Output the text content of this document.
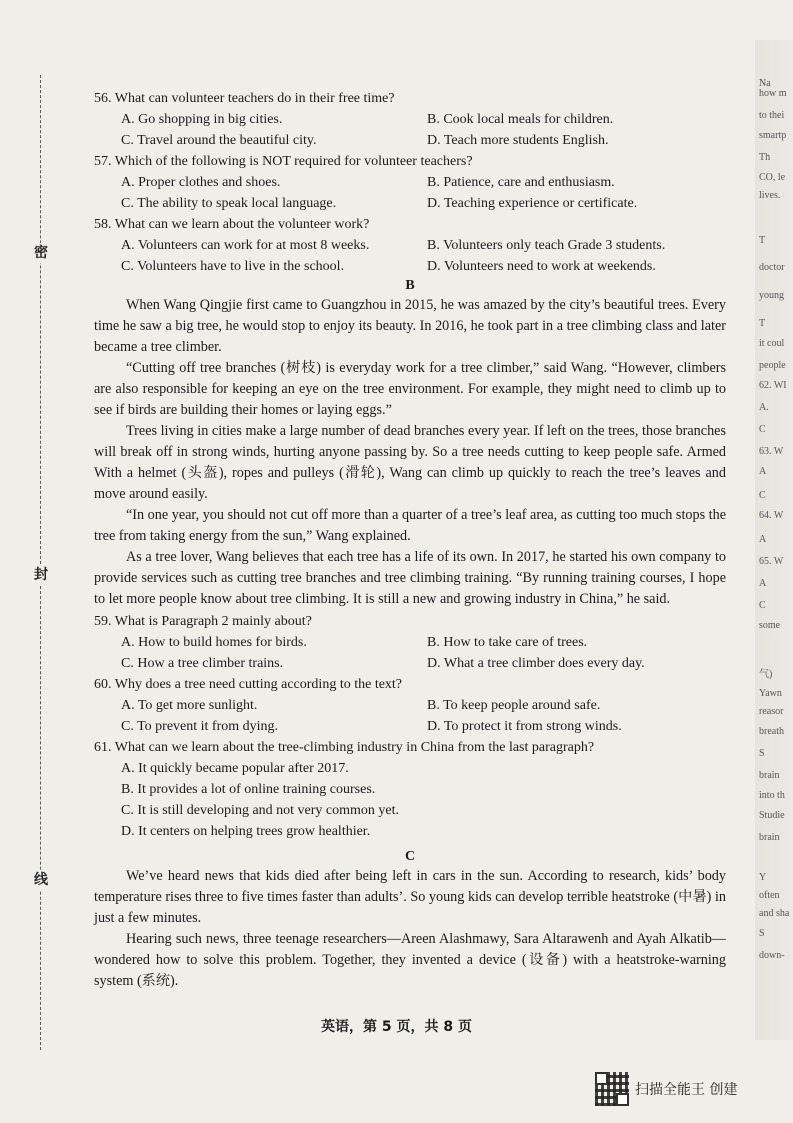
密
封
线
Na
how m
to thei
smartp
Th
CO, le
lives.
T
doctor
young
T
it coul
people
62. WI
A.
C
63. W
A
C
64. W
A
65. W
A
C
some
气)
Yawn
reasor
breath
S
brain
into th
Studie
brain
Y
often
and sha
S
down-

56. What can volunteer teachers do in their free time?

A. Go shopping in big cities.	B. Cook local meals for children.
C. Travel around the beautiful city.	D. Teach more students English.

57. Which of the following is NOT required for volunteer teachers?

A. Proper clothes and shoes.	B. Patience, care and enthusiasm.
C. The ability to speak local language.	D. Teaching experience or certificate.

58. What can we learn about the volunteer work?

A. Volunteers can work for at most 8 weeks.	B. Volunteers only teach Grade 3 students.
C. Volunteers have to live in the school.	D. Volunteers need to work at weekends.

B

When Wang Qingjie first came to Guangzhou in 2015, he was amazed by the city’s beautiful trees. Every time he saw a big tree, he would stop to enjoy its beauty. In 2016, he took part in a tree climbing class and later became a tree climber.

“Cutting off tree branches (树枝) is everyday work for a tree climber,” said Wang. “However, climbers are also responsible for keeping an eye on the tree environment. For example, they might need to climb up to see if birds are building their homes or laying eggs.”

Trees living in cities make a large number of dead branches every year. If left on the trees, those branches will break off in strong winds, hurting anyone passing by. So a tree needs cutting to keep people safe. Armed With a helmet (头盔), ropes and pulleys (滑轮), Wang can climb up quickly to reach the tree’s leaves and move around easily.

“In one year, you should not cut off more than a quarter of a tree’s leaf area, as cutting too much stops the tree from taking energy from the sun,” Wang explained.

As a tree lover, Wang believes that each tree has a life of its own. In 2017, he started his own company to provide services such as cutting tree branches and tree climbing training. “By running training courses, I hope to let more people know about tree climbing. It is still a new and growing industry in China,” he said.

59. What is Paragraph 2 mainly about?

A. How to build homes for birds.	B. How to take care of trees.
C. How a tree climber trains.	D. What a tree climber does every day.

60. Why does a tree need cutting according to the text?

A. To get more sunlight.	B. To keep people around safe.
C. To prevent it from dying.	D. To protect it from strong winds.

61. What can we learn about the tree-climbing industry in China from the last paragraph?

A. It quickly became popular after 2017.

B. It provides a lot of online training courses.

C. It is still developing and not very common yet.

D. It centers on helping trees grow healthier.

C

We’ve heard news that kids died after being left in cars in the sun. According to research, kids’ body temperature rises three to five times faster than adults’. So young kids can develop terrible heatstroke (中暑) in just a few minutes.

Hearing such news, three teenage researchers—Areen Alashmawy, Sara Altarawenh and Ayah Alkatib—wondered how to solve this problem. Together, they invented a device (设备) with a heatstroke-warning system (系统).

英语，第 5 页，共 8 页
扫描全能王 创建
